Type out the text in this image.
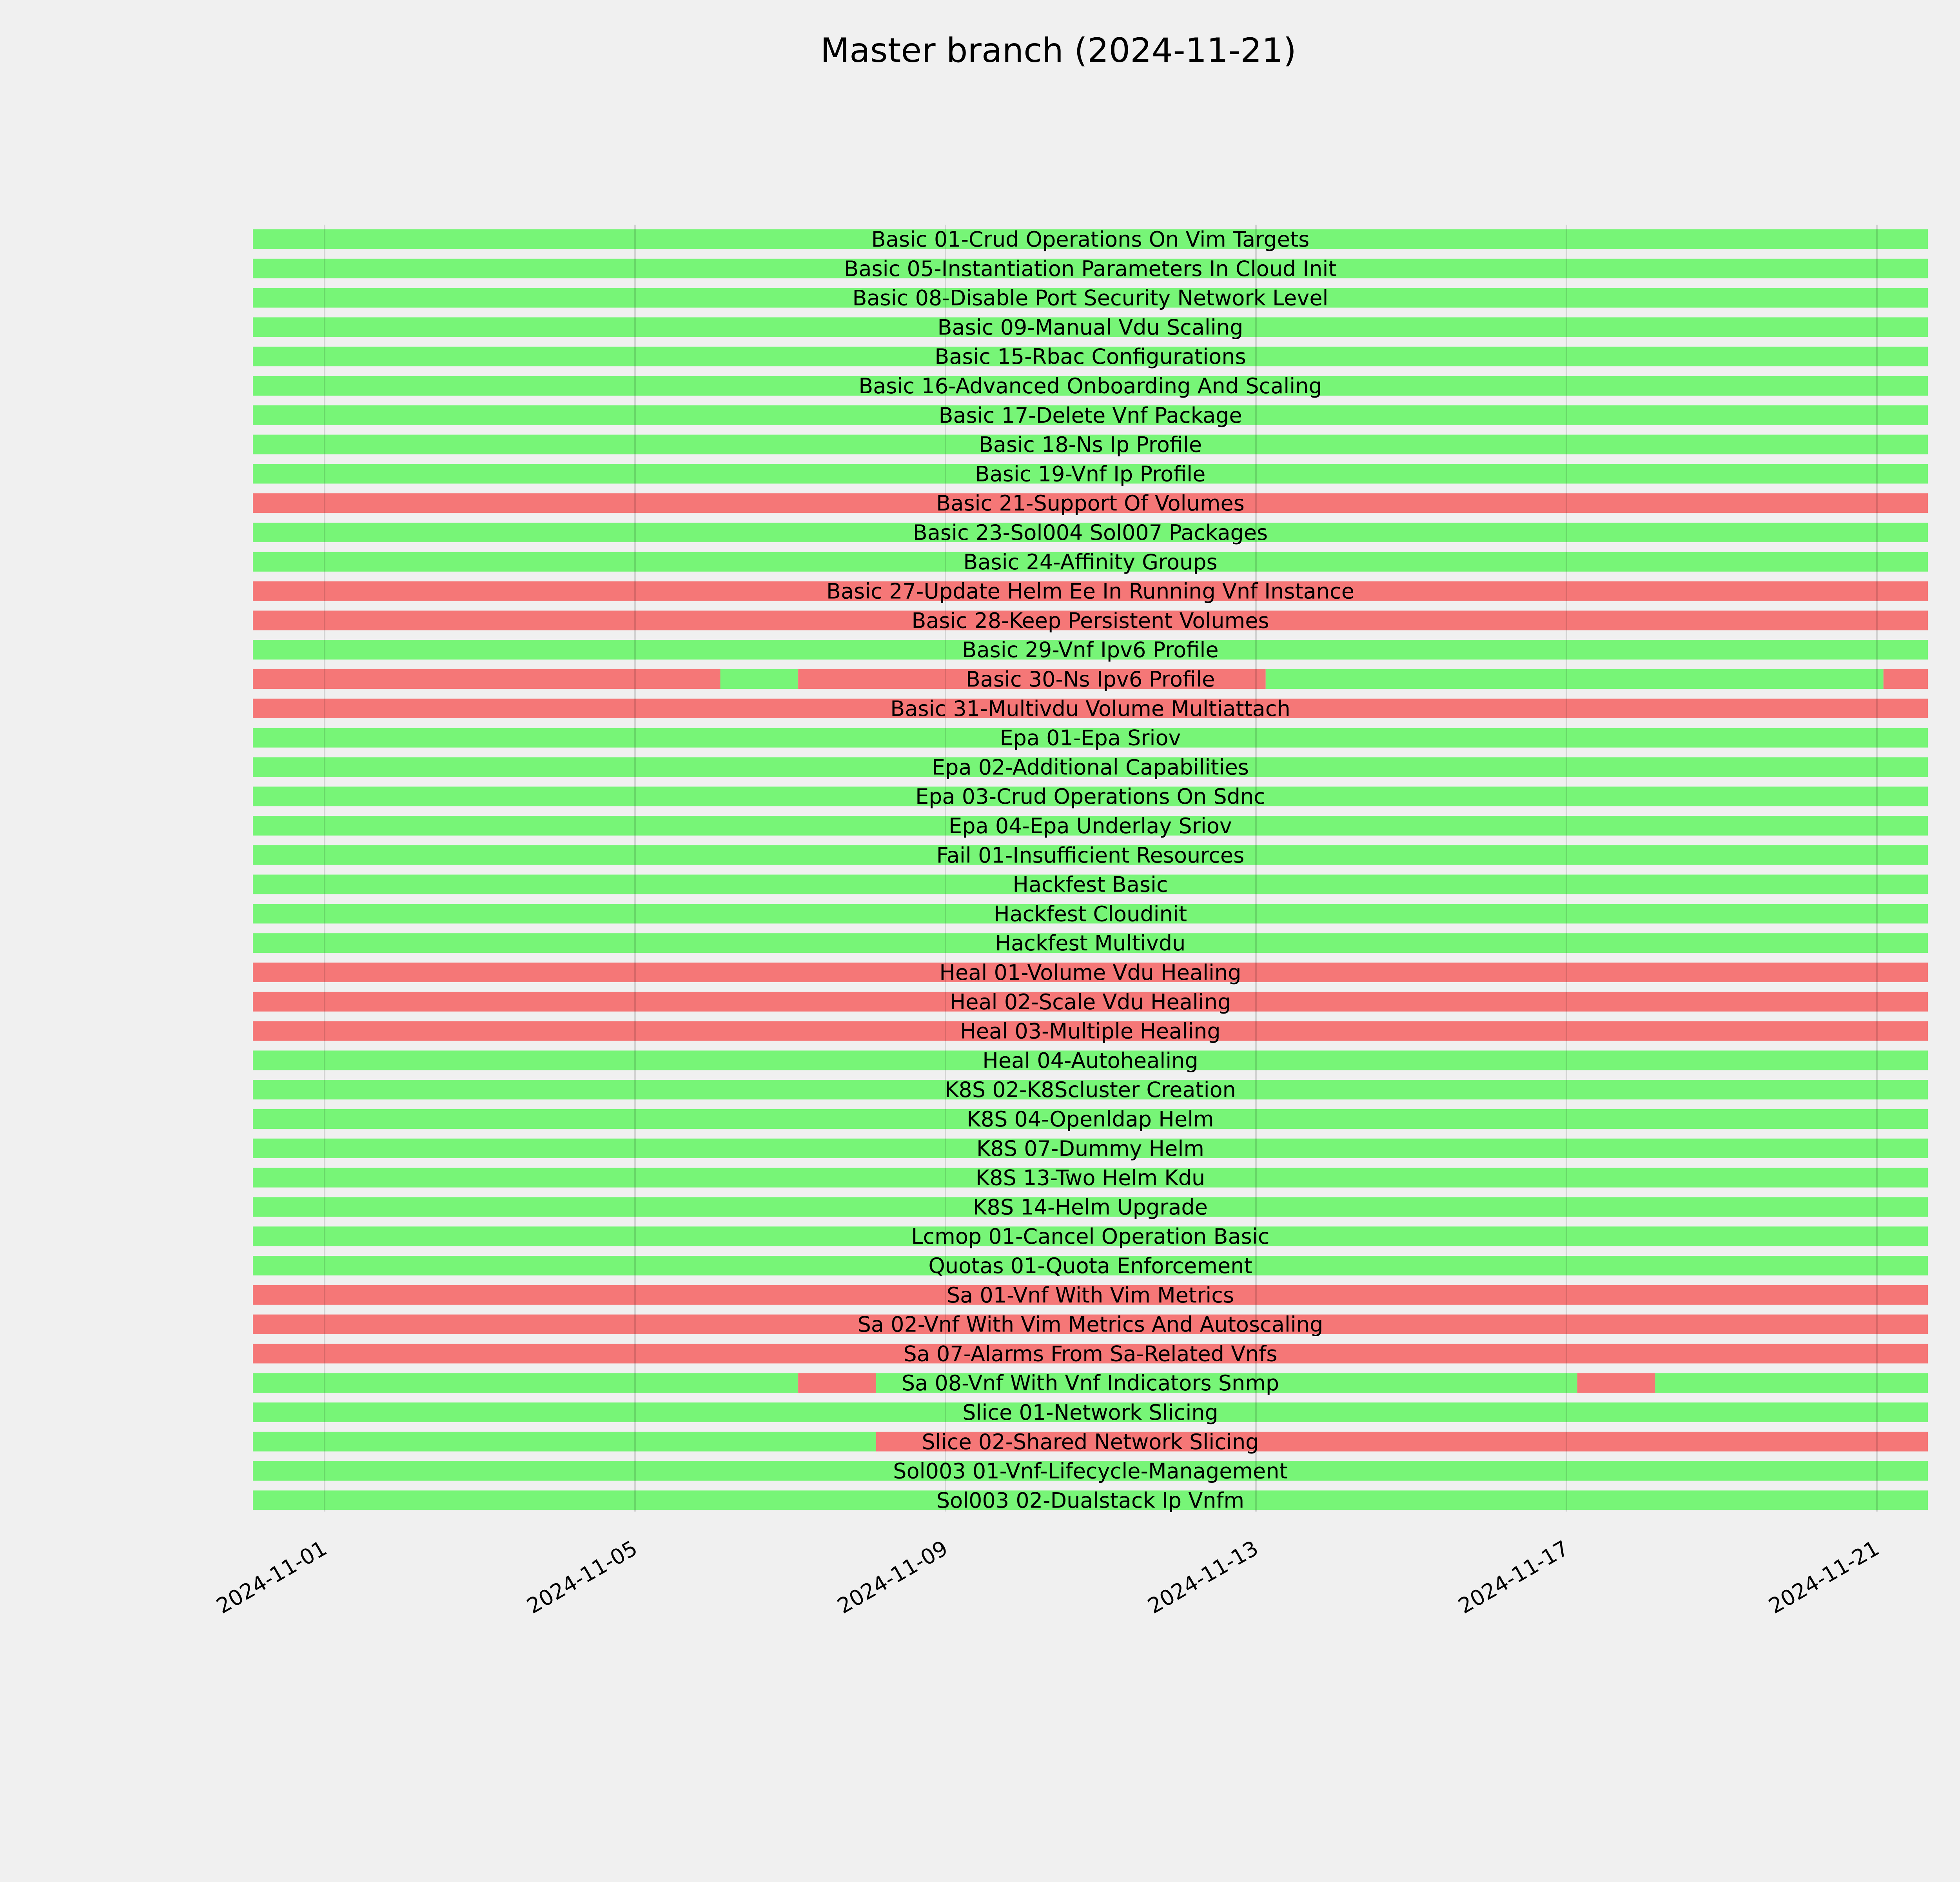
Master branch (2024-11-21)
Basic 01-Crud Operations On Vim Targets
Basic 05-Instantiation Parameters In Cloud Init
Basic 08-Disable Port Security Network Level
Basic 09-Manual Vdu Scaling
Basic 15-Rbac Configurations
Basic 16-Advanced Onboarding And Scaling
Basic 17-Delete Vnf Package
Basic 18-Ns Ip Profile
Basic 19-Vnf Ip Profile
Basic 21-Support Of Volumes
Basic 23-Sol004 Sol007 Packages
Basic 24-Affinity Groups
Basic 27-Update Helm Ee In Running Vnf Instance
Basic 28-Keep Persistent Volumes
Basic 29-Vnf Ipv6 Profile
Basic 30-Ns Ipv6 Profile
Basic 31-Multivdu Volume Multiattach
Epa 01-Epa Sriov
Epa 02-Additional Capabilities
Epa 03-Crud Operations On Sdnc
Epa 04-Epa Underlay Sriov
Fail 01-Insufficient Resources
Hackfest Basic
Hackfest Cloudinit
Hackfest Multivdu
Heal 01-Volume Vdu Healing
Heal 02-Scale Vdu Healing
Heal 03-Multiple Healing
Heal 04-Autohealing
K8S 02-K8Scluster Creation
K8S 04-Openldap Helm
K8S 07-Dummy Helm
K8S 13-Two Helm Kdu
K8S 14-Helm Upgrade
Lcmop 01-Cancel Operation Basic
Quotas 01-Quota Enforcement
Sa 01-Vnf With Vim Metrics
Sa 02-Vnf With Vim Metrics And Autoscaling
Sa 07-Alarms From Sa-Related Vnfs
Sa 08-Vnf With Vnf Indicators Snmp
Slice 01-Network Slicing
Slice 02-Shared Network Slicing
Sol003 01-Vnf-Lifecycle-Management
Sol003 02-Dualstack Ip Vnfm
2024-11-01	2024-11-05	2024-11-09	2024-11-13	2024-11-17	2024-11-21
